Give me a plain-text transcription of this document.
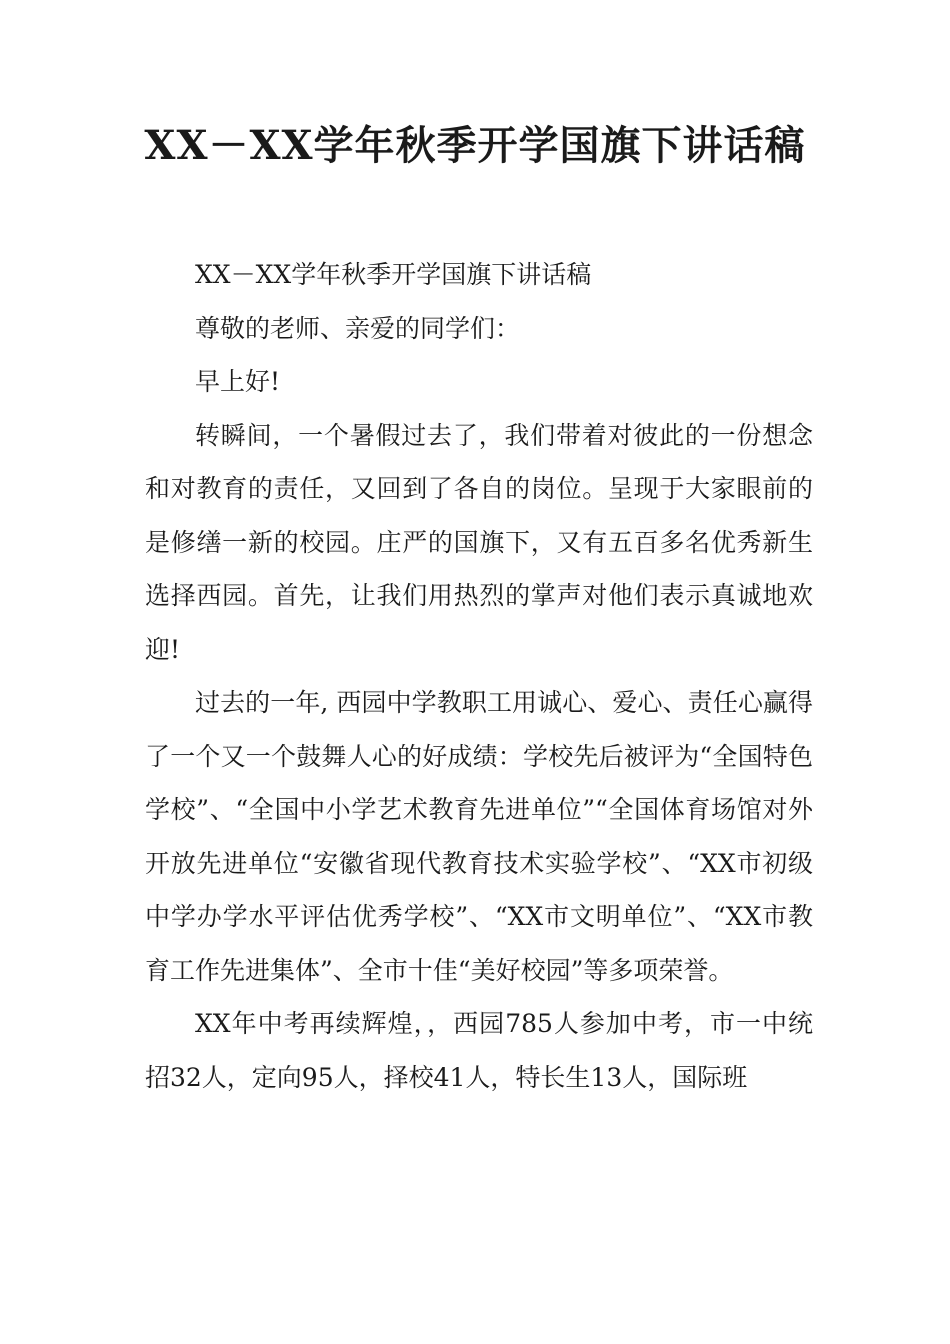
XX－XX学年秋季开学国旗下讲话稿

XX－XX学年秋季开学国旗下讲话稿

尊敬的老师、亲爱的同学们：

早上好!

转瞬间，一个暑假过去了，我们带着对彼此的一份想念和对教育的责任，又回到了各自的岗位。呈现于大家眼前的是修缮一新的校园。庄严的国旗下，又有五百多名优秀新生选择西园。首先，让我们用热烈的掌声对他们表示真诚地欢迎!

过去的一年, 西园中学教职工用诚心、爱心、责任心赢得了一个又一个鼓舞人心的好成绩：学校先后被评为“全国特色学校”、“全国中小学艺术教育先进单位”“全国体育场馆对外开放先进单位“安徽省现代教育技术实验学校”、“XX市初级中学办学水平评估优秀学校”、“XX市文明单位”、“XX市教育工作先进集体”、全市十佳“美好校园”等多项荣誉。

XX年中考再续辉煌，，西园785人参加中考，市一中统招32人，定向95人，择校41人，特长生13人，国际班
